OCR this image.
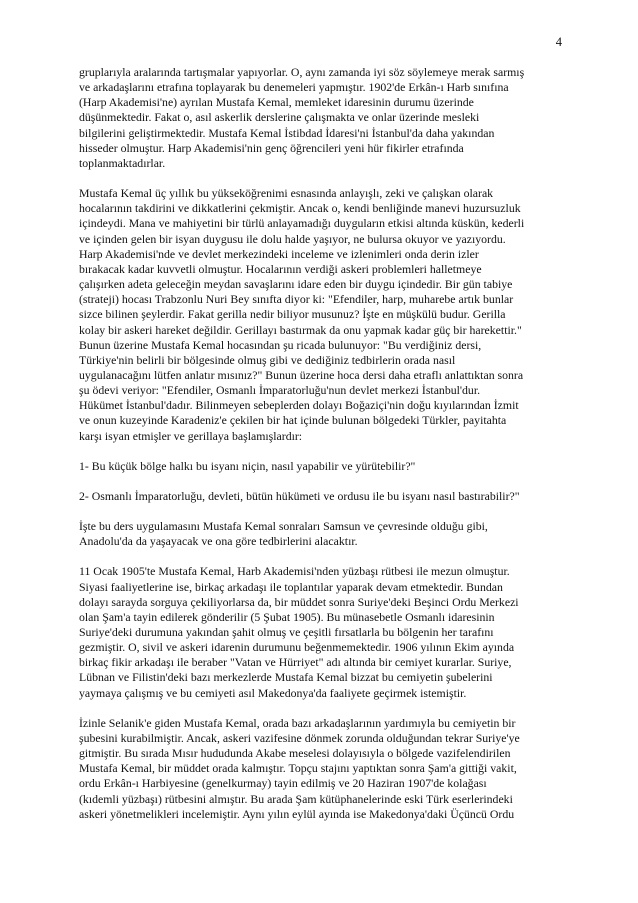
4
gruplarıyla aralarında tartışmalar yapıyorlar. O, aynı zamanda iyi söz söylemeye merak sarmış
ve arkadaşlarını etrafına toplayarak bu denemeleri yapmıştır. 1902'de Erkân-ı Harb sınıfına
(Harp Akademisi'ne) ayrılan Mustafa Kemal, memleket idaresinin durumu üzerinde
düşünmektedir. Fakat o, asıl askerlik derslerine çalışmakta ve onlar üzerinde mesleki
bilgilerini geliştirmektedir. Mustafa Kemal İstibdad İdaresi'ni İstanbul'da daha yakından
hisseder olmuştur. Harp Akademisi'nin genç öğrencileri yeni hür fikirler etrafında
toplanmaktadırlar.
Mustafa Kemal üç yıllık bu yükseköğrenimi esnasında anlayışlı, zeki ve çalışkan olarak
hocalarının takdirini ve dikkatlerini çekmiştir. Ancak o, kendi benliğinde manevi huzursuzluk
içindeydi. Mana ve mahiyetini bir türlü anlayamadığı duyguların etkisi altında küskün, kederli
ve içinden gelen bir isyan duygusu ile dolu halde yaşıyor, ne bulursa okuyor ve yazıyordu.
Harp Akademisi'nde ve devlet merkezindeki inceleme ve izlenimleri onda derin izler
bırakacak kadar kuvvetli olmuştur. Hocalarının verdiği askeri problemleri halletmeye
çalışırken adeta geleceğin meydan savaşlarını idare eden bir duygu içindedir. Bir gün tabiye
(strateji) hocası Trabzonlu Nuri Bey sınıfta diyor ki: "Efendiler, harp, muharebe artık bunlar
sizce bilinen şeylerdir. Fakat gerilla nedir biliyor musunuz? İşte en müşkülü budur. Gerilla
kolay bir askeri hareket değildir. Gerillayı bastırmak da onu yapmak kadar güç bir harekettir."
Bunun üzerine Mustafa Kemal hocasından şu ricada bulunuyor: "Bu verdiğiniz dersi,
Türkiye'nin belirli bir bölgesinde olmuş gibi ve dediğiniz tedbirlerin orada nasıl
uygulanacağını lütfen anlatır mısınız?" Bunun üzerine hoca dersi daha etraflı anlattıktan sonra
şu ödevi veriyor: "Efendiler, Osmanlı İmparatorluğu'nun devlet merkezi İstanbul'dur.
Hükümet İstanbul'dadır. Bilinmeyen sebeplerden dolayı Boğaziçi'nin doğu kıyılarından İzmit
ve onun kuzeyinde Karadeniz'e çekilen bir hat içinde bulunan bölgedeki Türkler, payitahta
karşı isyan etmişler ve gerillaya başlamışlardır:
1- Bu küçük bölge halkı bu isyanı niçin, nasıl yapabilir ve yürütebilir?"
2- Osmanlı İmparatorluğu, devleti, bütün hükümeti ve ordusu ile bu isyanı nasıl bastırabilir?"
İşte bu ders uygulamasını Mustafa Kemal sonraları Samsun ve çevresinde olduğu gibi,
Anadolu'da da yaşayacak ve ona göre tedbirlerini alacaktır.
11 Ocak 1905'te Mustafa Kemal, Harb Akademisi'nden yüzbaşı rütbesi ile mezun olmuştur.
Siyasi faaliyetlerine ise, birkaç arkadaşı ile toplantılar yaparak devam etmektedir. Bundan
dolayı sarayda sorguya çekiliyorlarsa da, bir müddet sonra Suriye'deki Beşinci Ordu Merkezi
olan Şam'a tayin edilerek gönderilir (5 Şubat 1905). Bu münasebetle Osmanlı idaresinin
Suriye'deki durumuna yakından şahit olmuş ve çeşitli fırsatlarla bu bölgenin her tarafını
gezmiştir. O, sivil ve askeri idarenin durumunu beğenmemektedir. 1906 yılının Ekim ayında
birkaç fikir arkadaşı ile beraber "Vatan ve Hürriyet" adı altında bir cemiyet kurarlar. Suriye,
Lübnan ve Filistin'deki bazı merkezlerde Mustafa Kemal bizzat bu cemiyetin şubelerini
yaymaya çalışmış ve bu cemiyeti asıl Makedonya'da faaliyete geçirmek istemiştir.
İzinle Selanik'e giden Mustafa Kemal, orada bazı arkadaşlarının yardımıyla bu cemiyetin bir
şubesini kurabilmiştir. Ancak, askeri vazifesine dönmek zorunda olduğundan tekrar Suriye'ye
gitmiştir. Bu sırada Mısır hududunda Akabe meselesi dolayısıyla o bölgede vazifelendirilen
Mustafa Kemal, bir müddet orada kalmıştır. Topçu stajını yaptıktan sonra Şam'a gittiği vakit,
ordu Erkân-ı Harbiyesine (genelkurmay) tayin edilmiş ve 20 Haziran 1907'de kolağası
(kıdemli yüzbaşı) rütbesini almıştır. Bu arada Şam kütüphanelerinde eski Türk eserlerindeki
askeri yönetmelikleri incelemiştir. Aynı yılın eylül ayında ise Makedonya'daki Üçüncü Ordu
